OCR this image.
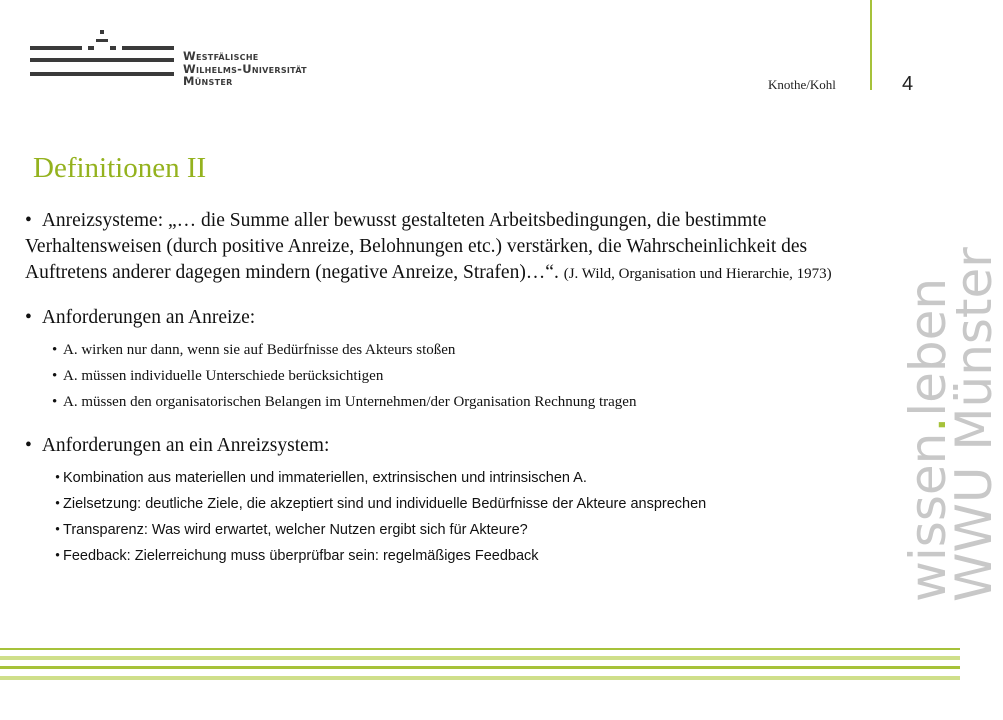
Westfälische
Wilhelms-Universität
Münster	Knothe/Kohl	4
Definitionen II

• Anreizsysteme: „… die Summe aller bewusst gestalteten Arbeitsbedingungen, die bestimmte Verhaltensweisen (durch positive Anreize, Belohnungen etc.) verstärken, die Wahrscheinlichkeit des Auftretens anderer dagegen mindern (negative Anreize, Strafen)…“. (J. Wild, Organisation und Hierarchie, 1973)

• Anforderungen an Anreize:
• A. wirken nur dann, wenn sie auf Bedürfnisse des Akteurs stoßen
• A. müssen individuelle Unterschiede berücksichtigen
• A. müssen den organisatorischen Belangen im Unternehmen/der Organisation Rechnung tragen
• Anforderungen an ein Anreizsystem:
• Kombination aus materiellen und immateriellen, extrinsischen und intrinsischen A.
• Zielsetzung: deutliche Ziele, die akzeptiert sind und individuelle Bedürfnisse der Akteure ansprechen
• Transparenz: Was wird erwartet, welcher Nutzen ergibt sich für Akteure?
• Feedback: Zielerreichung muss überprüfbar sein: regelmäßiges Feedback	wissen.leben
WWU Münster
